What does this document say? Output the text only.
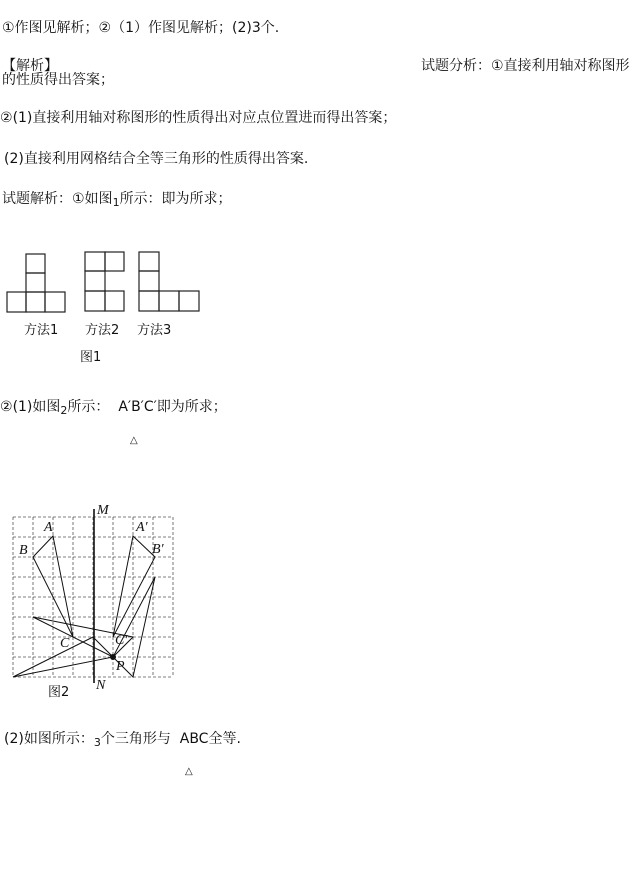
①作图见解析；②（1）作图见解析；(2)3个.
【解析】	试题分析：①直接利用轴对称图形
的性质得出答案；
②(1)直接利用轴对称图形的性质得出对应点位置进而得出答案；
(2)直接利用网格结合全等三角形的性质得出答案.
试题解析：①如图$_1$所示：即为所求；
方法1 方法2 方法3
图1
②(1)如图$_2$所示： A′B′C′即为所求；
△
A
B
C
A′
B′
C′
M
N
P
图2
(2)如图所示：$_3$个三角形与 ABC全等.
△
